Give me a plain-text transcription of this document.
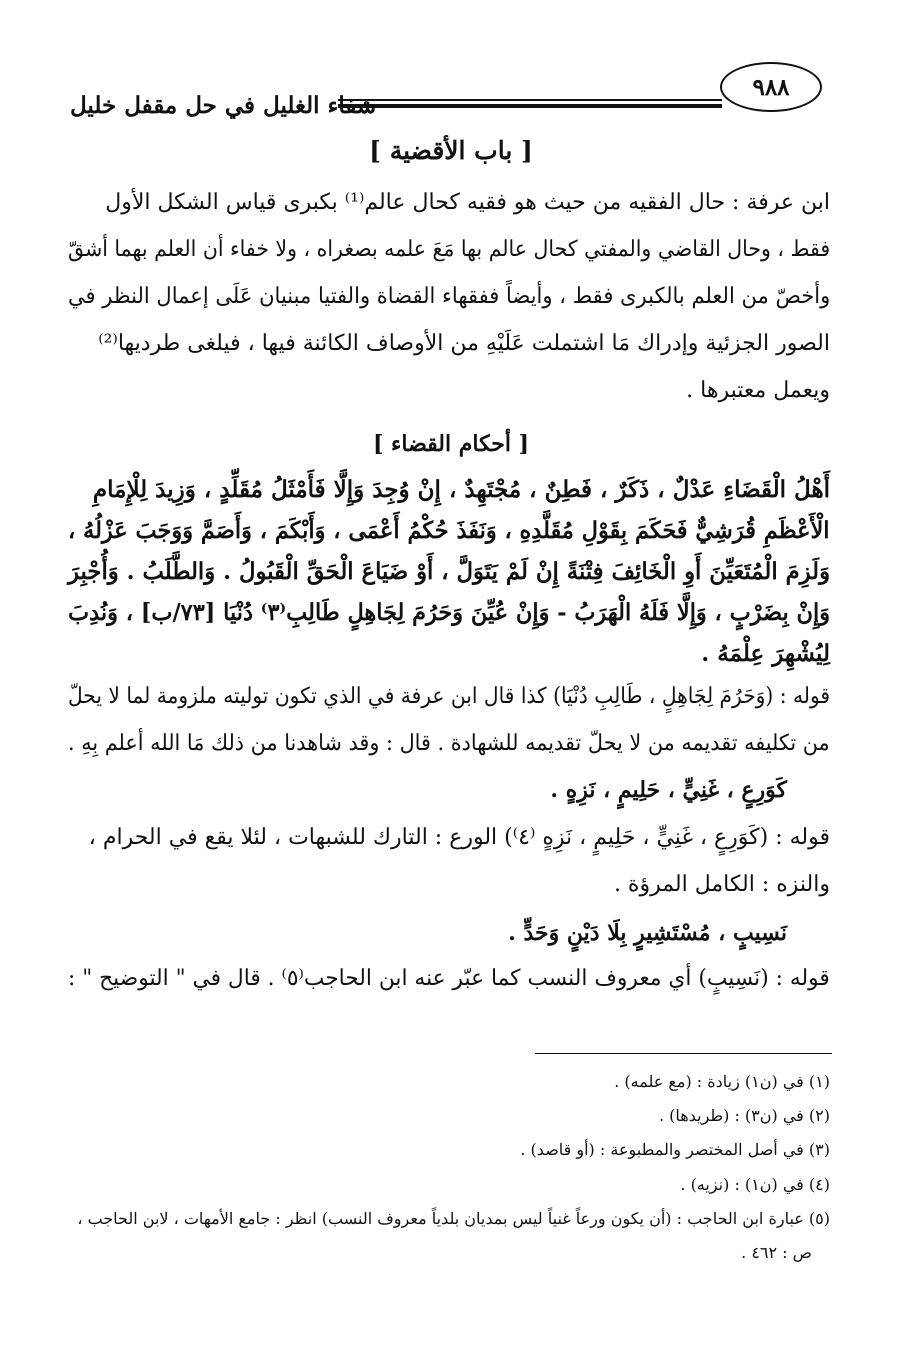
شفاء الغليل في حل مقفل خليل
٩٨٨
[ باب الأقضية ]
ابن عرفة : حال الفقيه من حيث هو فقيه كحال عالم⁽¹⁾ بكبرى قياس الشكل الأول
فقط ، وحال القاضي والمفتي كحال عالم بها مَعَ علمه بصغراه ، ولا خفاء أن العلم بهما أشقّ
وأخصّ من العلم بالكبرى فقط ، وأيضاً ففقهاء القضاة والفتيا مبنيان عَلَى إعمال النظر في
الصور الجزئية وإدراك مَا اشتملت عَلَيْهِ من الأوصاف الكائنة فيها ، فيلغى طرديها⁽²⁾
ويعمل معتبرها .
[ أحكام القضاء ]
أَهْلُ الْقَضَاءِ عَدْلٌ ، ذَكَرٌ ، فَطِنٌ ، مُجْتَهِدٌ ، إِنْ وُجِدَ وَإِلَّا فَأَمْثَلُ مُقَلِّدٍ ، وَزِيدَ لِلْإِمَامِ
الْأَعْظَمِ قُرَشِيٌّ فَحَكَمَ بِقَوْلِ مُقَلَّدِهِ ، وَنَفَذَ حُكْمُ أَعْمَى ، وَأَبْكَمَ ، وَأَصَمَّ وَوَجَبَ عَزْلُهُ ،
وَلَزِمَ الْمُتَعَيِّنَ أَوِ الْخَائِفَ فِتْنَةً إِنْ لَمْ يَتَوَلَّ ، أَوْ ضَيَاعَ الْحَقِّ الْقَبُولُ . وَالطَّلَبُ . وَأُجْبِرَ
وَإِنْ بِضَرْبٍ ، وَإِلَّا فَلَهُ الْهَرَبُ - وَإِنْ عُيِّنَ وَحَرُمَ لِجَاهِلٍ طَالِبِ⁽٣⁾ دُنْيَا [٧٣/ب] ، وَنُدِبَ
لِيُشْهِرَ عِلْمَهُ .
قوله : (وَحَرُمَ لِجَاهِلٍ ، طَالِبِ دُنْيَا) كذا قال ابن عرفة في الذي تكون توليته ملزومة لما لا يحلّ
من تكليفه تقديمه من لا يحلّ تقديمه للشهادة . قال : وقد شاهدنا من ذلك مَا الله أعلم بِهِ .
كَوَرِعٍ ، غَنِيٍّ ، حَلِيمٍ ، نَزِهٍ .
قوله : (كَوَرِعٍ ، غَنِيٍّ ، حَلِيمٍ ، نَزِهٍ ⁽٤⁾) الورع : التارك للشبهات ، لئلا يقع في الحرام ،
والنزه : الكامل المرؤة .
نَسِيبٍ ، مُسْتَشِيرٍ بِلَا دَيْنٍ وَحَدٍّ .
قوله : (نَسِيبٍ) أي معروف النسب كما عبّر عنه ابن الحاجب⁽٥⁾ . قال في " التوضيح " :
(١) في (ن١) زيادة : (مع علمه) .
(٢) في (ن٣) : (طريدها) .
(٣) في أصل المختصر والمطبوعة : (أو قاصد) .
(٤) في (ن١) : (نزيه) .
(٥) عبارة ابن الحاجب : (أن يكون ورعاً غنياً ليس بمديان بلدياً معروف النسب) انظر : جامع الأمهات ، لابن الحاجب ،
ص : ٤٦٢ .
